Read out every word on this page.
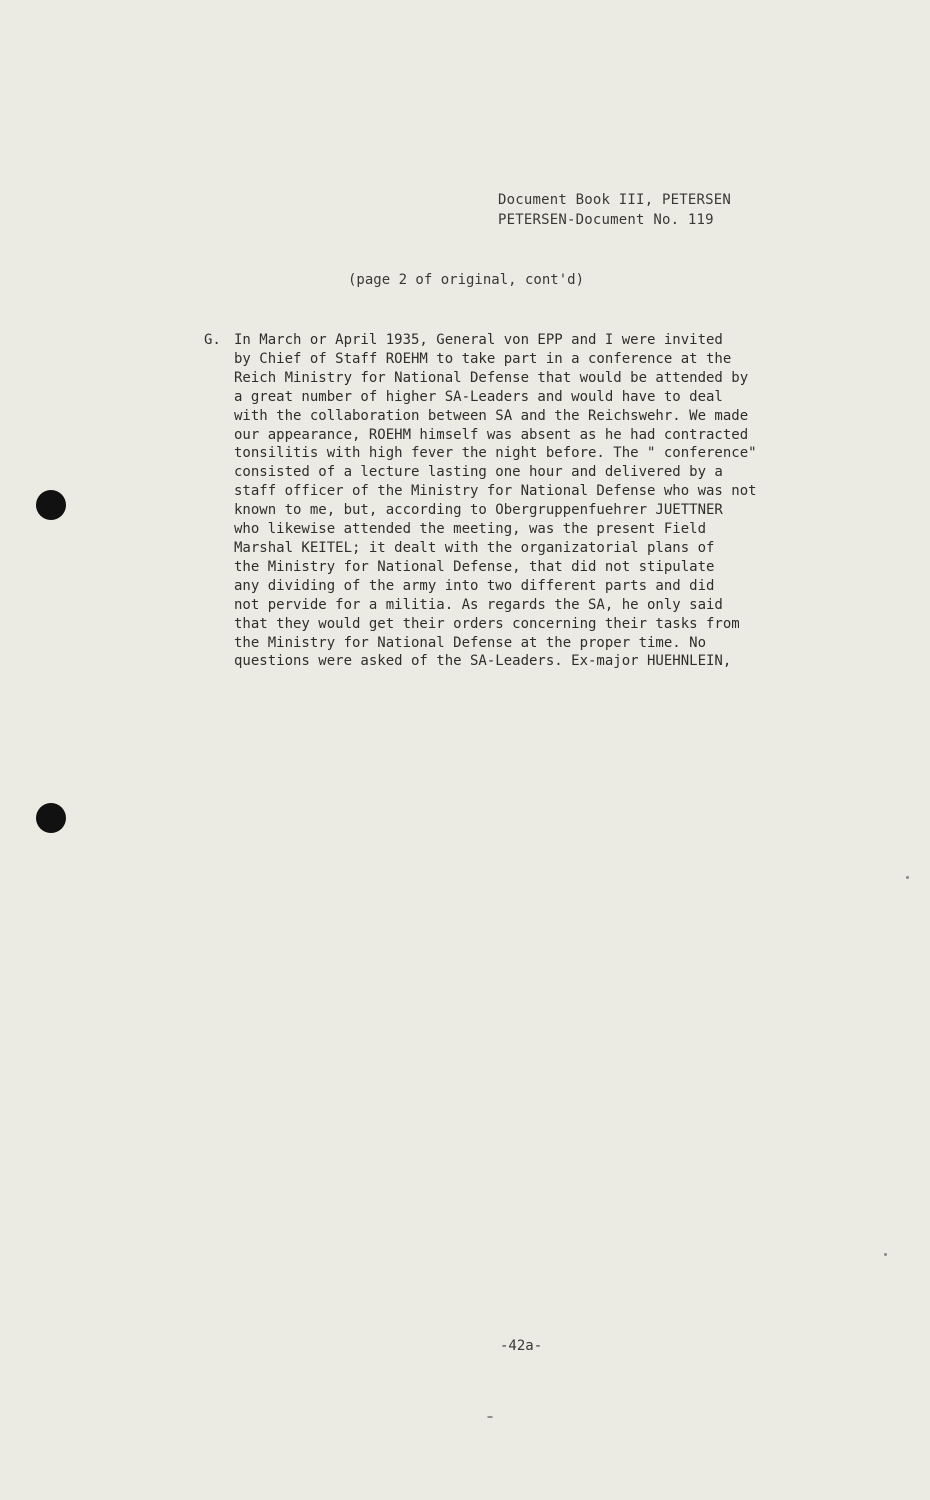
Document Book III, PETERSEN
PETERSEN-Document No. 119
(page 2 of original, cont'd)
G. In March or April 1935, General von EPP and I were invited
by Chief of Staff ROEHM to take part in a conference at the
Reich Ministry for National Defense that would be attended by
a great number of higher SA-Leaders and would have to deal
with the collaboration between SA and the Reichswehr. We made
our appearance, ROEHM himself was absent as he had contracted
tonsilitis with high fever the night before. The " conference"
consisted of a lecture lasting one hour and delivered by a
staff officer of the Ministry for National Defense who was not
known to me, but, according to Obergruppenfuehrer JUETTNER
who likewise attended the meeting, was the present Field
Marshal KEITEL; it dealt with the organizatorial plans of
the Ministry for National Defense, that did not stipulate
any dividing of the army into two different parts and did
not pervide for a militia. As regards the SA, he only said
that they would get their orders concerning their tasks from
the Ministry for National Defense at the proper time. No
questions were asked of the SA-Leaders. Ex-major HUEHNLEIN,
-42a-
